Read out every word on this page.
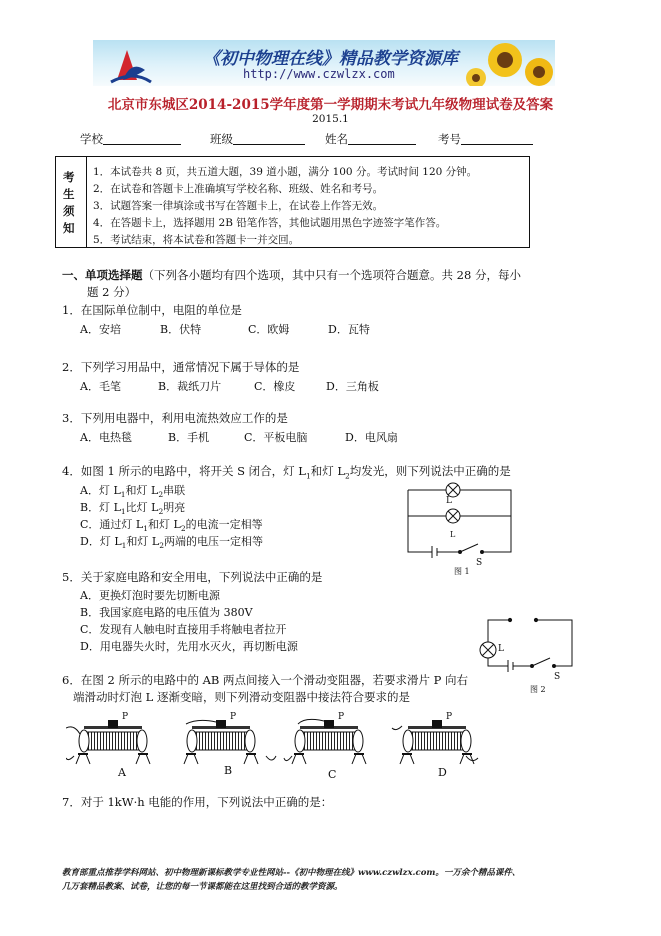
《初中物理在线》精品教学资源库
http://www.czwlzx.com
北京市东城区2014-2015学年度第一学期期末考试九年级物理试卷及答案
2015.1
学校	班级	姓名	考号
考
生
须
知
1．本试卷共 8 页，共五道大题，39 道小题，满分 100 分。考试时间 120 分钟。
2．在试卷和答题卡上准确填写学校名称、班级、姓名和考号。
3．试题答案一律填涂或书写在答题卡上，在试卷上作答无效。
4．在答题卡上，选择题用 2B 铅笔作答，其他试题用黑色字迹签字笔作答。
5．考试结束，将本试卷和答题卡一并交回。
一、单项选择题（下列各小题均有四个选项，其中只有一个选项符合题意。共 28 分，每小
题 2 分）
1．在国际单位制中，电阻的单位是
A．安培	B．伏特	C．欧姆	D．瓦特
2．下列学习用品中，通常情况下属于导体的是
A．毛笔	B．裁纸刀片	C．橡皮	D．三角板
3．下列用电器中，利用电流热效应工作的是
A．电热毯	B．手机	C．平板电脑	D．电风扇
4．如图 1 所示的电路中，将开关 S 闭合，灯 $L_1$和灯 $L_2$均发光，则下列说法中正确的是
A．灯 $L_1$和灯 $L_2$串联
B．灯 $L_1$比灯 $L_2$明亮
C．通过灯 $L_1$和灯 $L_2$的电流一定相等
D．灯 $L_1$和灯 $L_2$两端的电压一定相等
L
L
S
图 1
5．关于家庭电路和安全用电，下列说法中正确的是
A．更换灯泡时要先切断电源
B．我国家庭电路的电压值为 380V
C．发现有人触电时直接用手将触电者拉开
D．用电器失火时，先用水灭火，再切断电源	L
S
图 2
6．在图 2 所示的电路中的 AB 两点间接入一个滑动变阻器，若要求滑片 P 向右
端滑动时灯泡 L 逐渐变暗，则下列滑动变阻器中接法符合要求的是
P	P	P	P
A	B	C	D
7．对于 1kW·h 电能的作用，下列说法中正确的是：
教育部重点推荐学科网站、初中物理新课标教学专业性网站--《初中物理在线》www.czwlzx.com。一万余个精品课件、
几万套精品教案、试卷，让您的每一节课都能在这里找到合适的教学资源。
